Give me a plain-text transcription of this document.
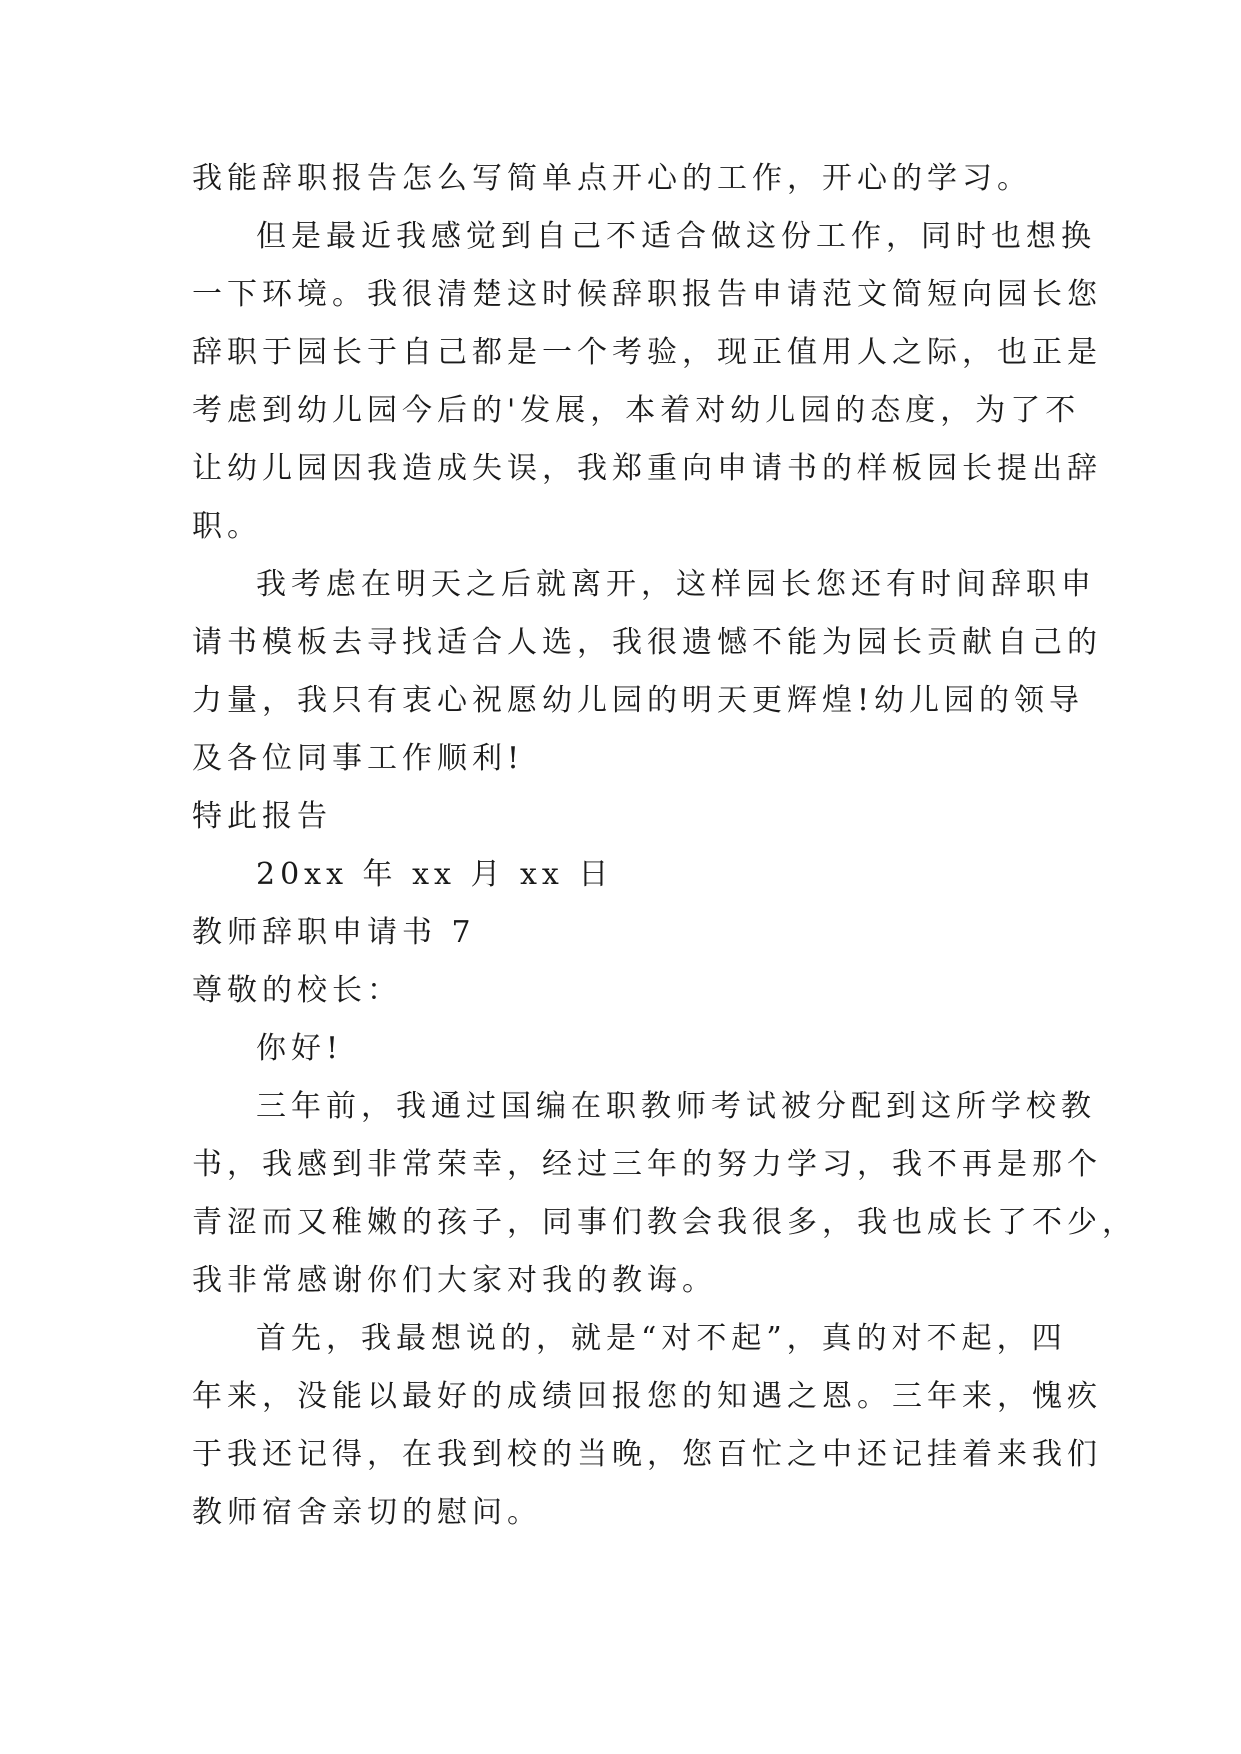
我能辞职报告怎么写简单点开心的工作，开心的学习。

但是最近我感觉到自己不适合做这份工作，同时也想换

一下环境。我很清楚这时候辞职报告申请范文简短向园长您

辞职于园长于自己都是一个考验，现正值用人之际，也正是

考虑到幼儿园今后的'发展，本着对幼儿园的态度，为了不

让幼儿园因我造成失误，我郑重向申请书的样板园长提出辞

职。

我考虑在明天之后就离开，这样园长您还有时间辞职申

请书模板去寻找适合人选，我很遗憾不能为园长贡献自己的

力量，我只有衷心祝愿幼儿园的明天更辉煌!幼儿园的领导

及各位同事工作顺利!

特此报告

20xx 年 xx 月 xx 日

教师辞职申请书 7

尊敬的校长：

你好!

三年前，我通过国编在职教师考试被分配到这所学校教

书，我感到非常荣幸，经过三年的努力学习，我不再是那个

青涩而又稚嫩的孩子，同事们教会我很多，我也成长了不少，

我非常感谢你们大家对我的教诲。

首先，我最想说的，就是“对不起”，真的对不起，四

年来，没能以最好的成绩回报您的知遇之恩。三年来，愧疚

于我还记得，在我到校的当晚，您百忙之中还记挂着来我们

教师宿舍亲切的慰问。
